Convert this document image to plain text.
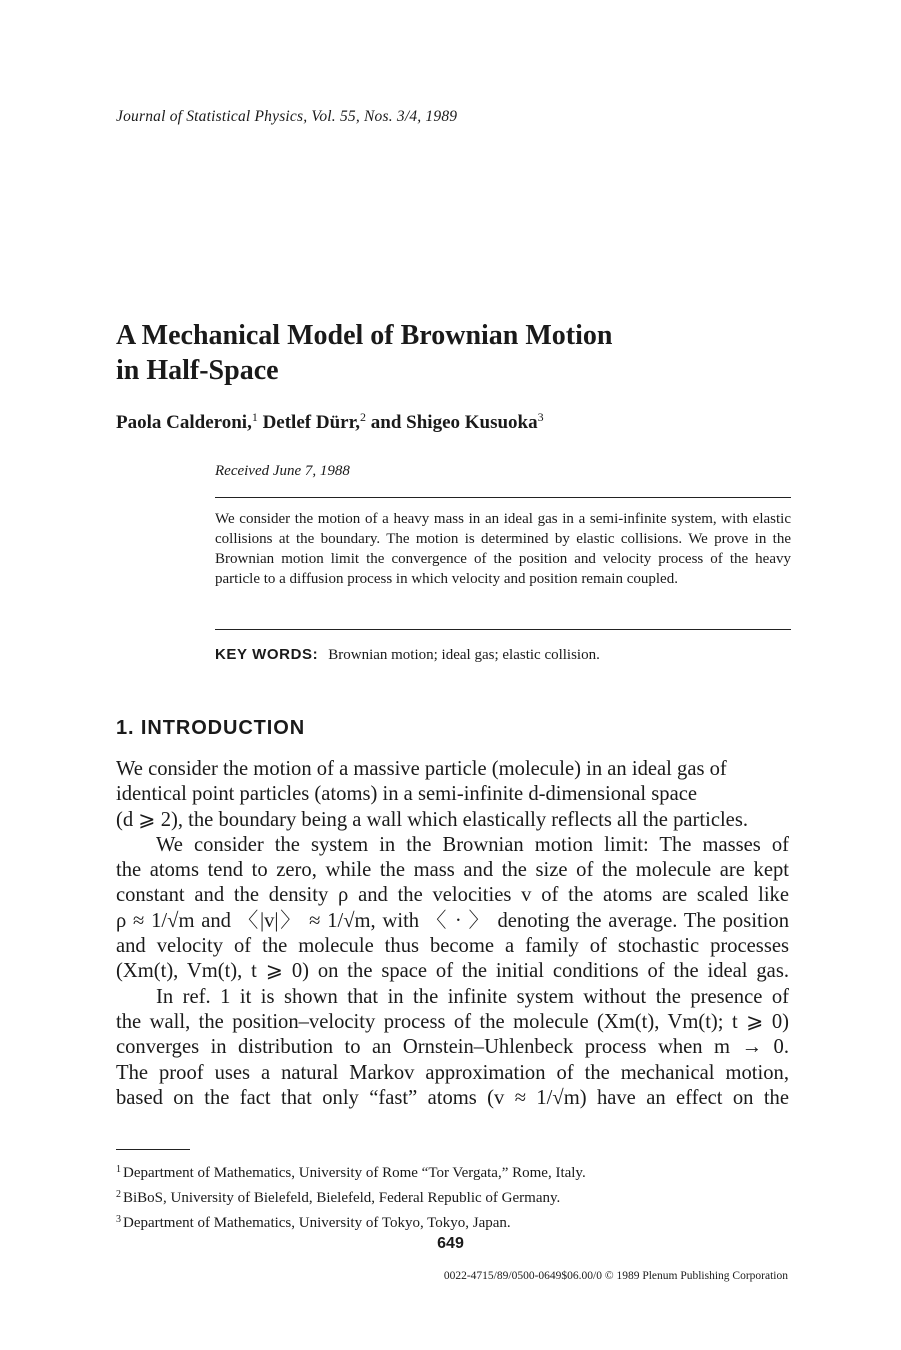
Journal of Statistical Physics, Vol. 55, Nos. 3/4, 1989
A Mechanical Model of Brownian Motion
in Half-Space
Paola Calderoni,$^1$ Detlef Dürr,$^2$ and Shigeo Kusuoka$^3$
Received June 7, 1988
We consider the motion of a heavy mass in an ideal gas in a semi-infinite system, with elastic collisions at the boundary. The motion is determined by elastic collisions. We prove in the Brownian motion limit the convergence of the position and velocity process of the heavy particle to a diffusion process in which velocity and position remain coupled.
KEY WORDS: Brownian motion; ideal gas; elastic collision.
1. INTRODUCTION

We consider the motion of a massive particle (molecule) in an ideal gas of
identical point particles (atoms) in a semi-infinite d-dimensional space
(d ⩾ 2), the boundary being a wall which elastically reflects all the particles.

We consider the system in the Brownian motion limit: The masses of
the atoms tend to zero, while the mass and the size of the molecule are kept
constant and the density ρ and the velocities v of the atoms are scaled like
ρ ≈ 1/√m and 〈|v|〉 ≈ 1/√m, with 〈 · 〉 denoting the average. The position
and velocity of the molecule thus become a family of stochastic processes
(Xm(t), Vm(t), t ⩾ 0) on the space of the initial conditions of the ideal gas.

In ref. 1 it is shown that in the infinite system without the presence of
the wall, the position–velocity process of the molecule (Xm(t), Vm(t); t ⩾ 0)
converges in distribution to an Ornstein–Uhlenbeck process when m → 0.
The proof uses a natural Markov approximation of the mechanical motion,
based on the fact that only “fast” atoms (v ≈ 1/√m) have an effect on the

$^1$ Department of Mathematics, University of Rome “Tor Vergata,” Rome, Italy.
$^2$ BiBoS, University of Bielefeld, Bielefeld, Federal Republic of Germany.
$^3$ Department of Mathematics, University of Tokyo, Tokyo, Japan.
649
0022-4715/89/0500-0649$06.00/0 © 1989 Plenum Publishing Corporation
